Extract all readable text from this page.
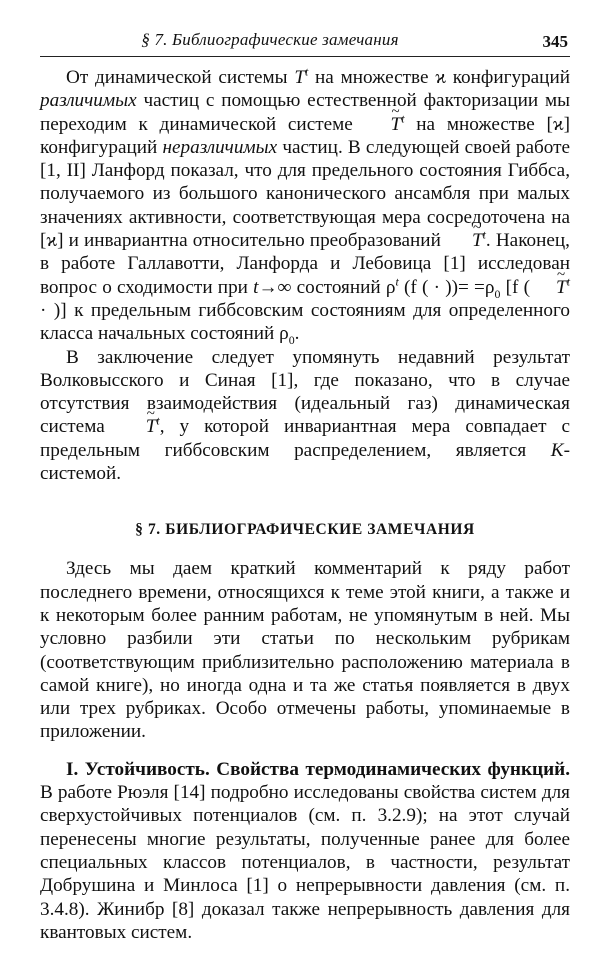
§ 7. Библиографические замечания	345

От динамической системы $T^t$ на множестве ϰ конфигураций различимых частиц с помощью естественной факторизации мы переходим к динамической системе ~ $T^t$ на множестве [ϰ] конфигураций неразличимых частиц. В следующей своей работе [1, II] Ланфорд показал, что для предельного состояния Гиббса, получаемого из большого канонического ансамбля при малых значениях активности, соответствующая мера сосредоточена на [ϰ] и инвариантна относительно преобразований ~ $T^t$. Наконец, в работе Галлавотти, Ланфорда и Лебовица [1] исследован вопрос о сходимости при t→∞ состояний $\rho^t$ (f ( · ))= $=\rho_0$ [f (~ $T^t$ · )] к предельным гиббсовским состояниям для определенного класса начальных состояний $\rho_0$.

В заключение следует упомянуть недавний результат Волковысского и Синая [1], где показано, что в случае отсутствия взаимодействия (идеальный газ) динамическая система ~ $T^t$, у которой инвариантная мера совпадает с предельным гиббсовским распределением, является K-системой.

§ 7. БИБЛИОГРАФИЧЕСКИЕ ЗАМЕЧАНИЯ

Здесь мы даем краткий комментарий к ряду работ последнего времени, относящихся к теме этой книги, а также и к некоторым более ранним работам, не упомянутым в ней. Мы условно разбили эти статьи по нескольким рубрикам (соответствующим приблизительно расположению материала в самой книге), но иногда одна и та же статья появляется в двух или трех рубриках. Особо отмечены работы, упоминаемые в приложении.

I. Устойчивость. Свойства термодинамических функций. В работе Рюэля [14] подробно исследованы свойства систем для сверхустойчивых потенциалов (см. п. 3.2.9); на этот случай перенесены многие результаты, полученные ранее для более специальных классов потенциалов, в частности, результат Добрушина и Минлоса [1] о непрерывности давления (см. п. 3.4.8). Жинибр [8] доказал также непрерывность давления для квантовых систем.
